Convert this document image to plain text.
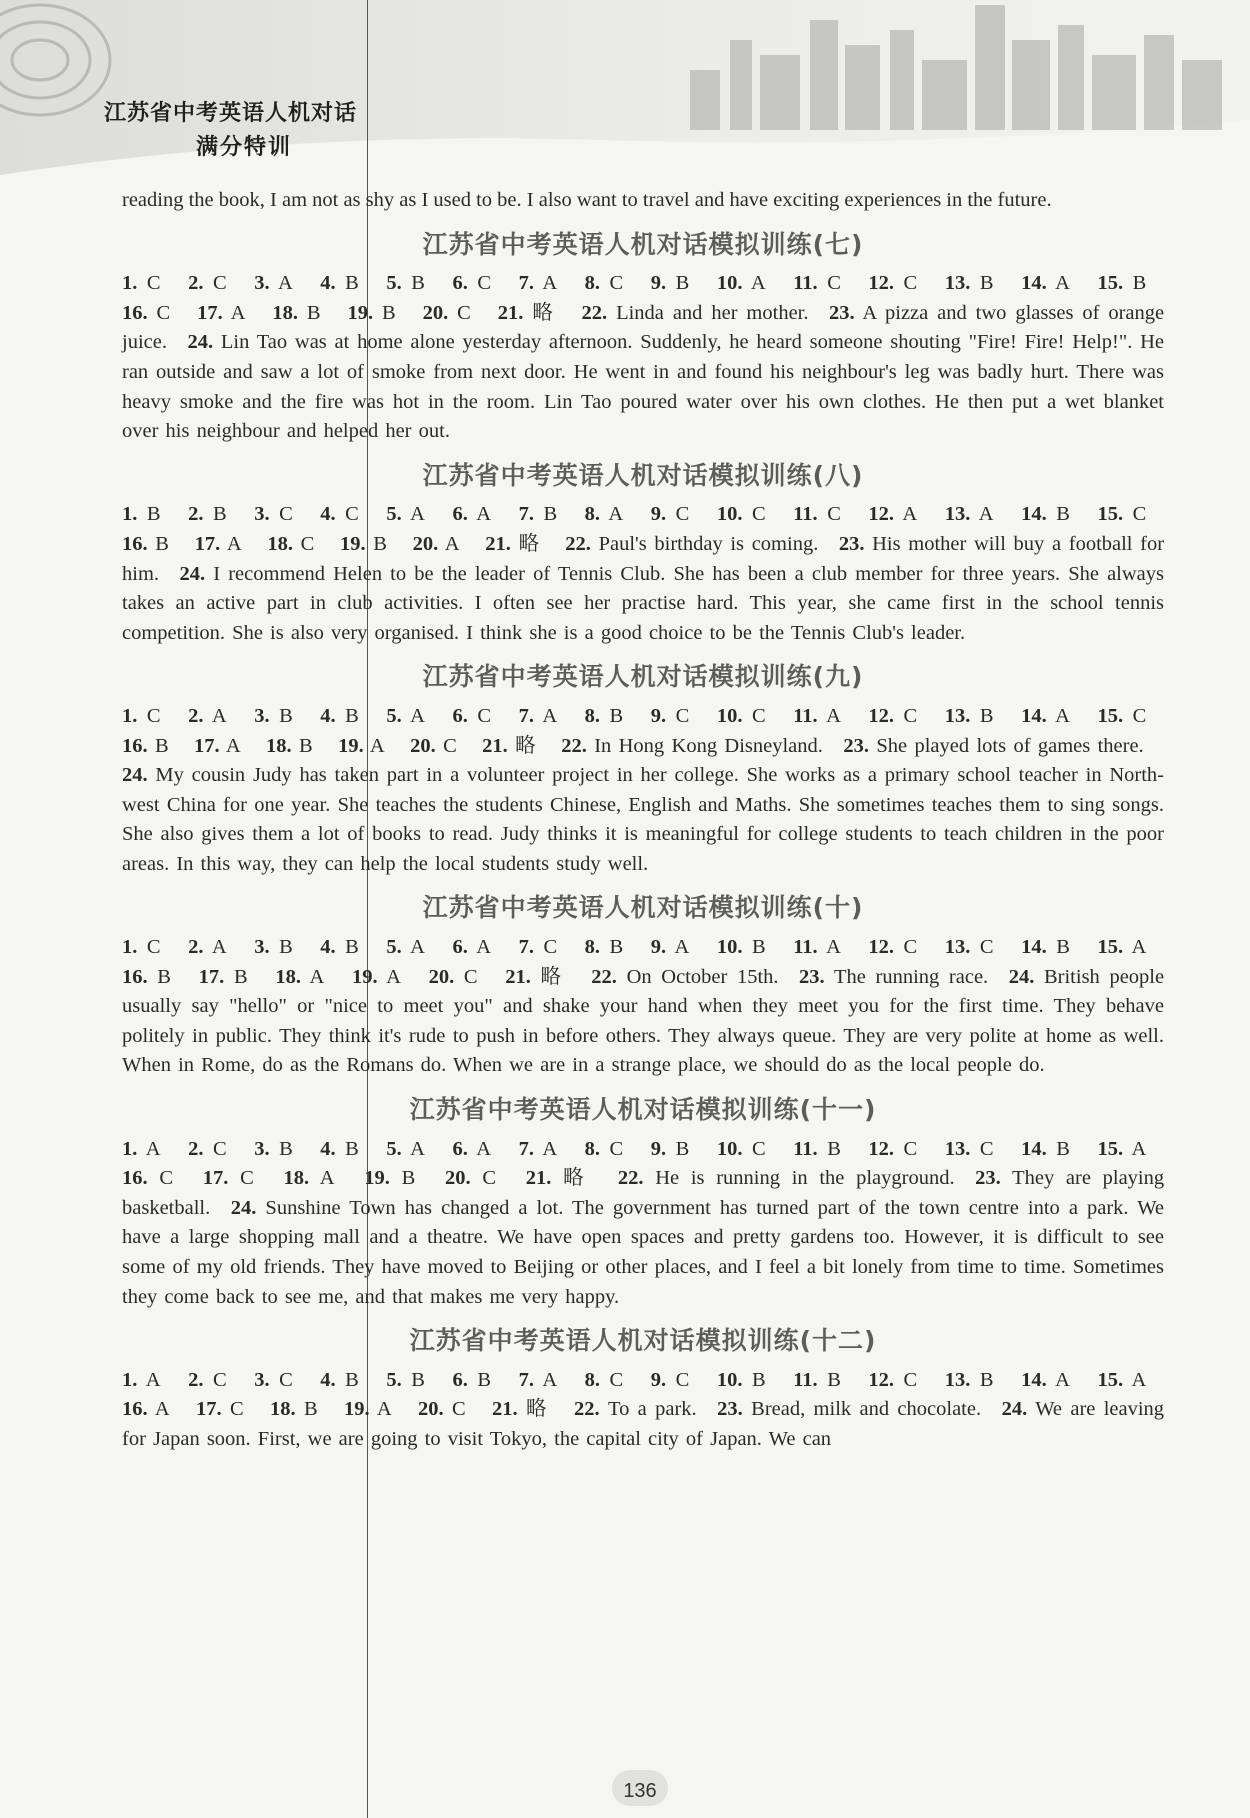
江苏省中考英语人机对话
满分特训

reading the book, I am not as shy as I used to be. I also want to travel and have exciting experiences in the future.

江苏省中考英语人机对话模拟训练(七)

1. C 2. C 3. A 4. B 5. B 6. C 7. A 8. C 9. B 10. A 11. C 12. C 13. B 14. A 15. B 16. C 17. A 18. B 19. B 20. C 21. 略 22. Linda and her mother.  23. A pizza and two glasses of orange juice.  24. Lin Tao was at home alone yesterday afternoon. Suddenly, he heard someone shouting "Fire! Fire! Help!". He ran outside and saw a lot of smoke from next door. He went in and found his neighbour's leg was badly hurt. There was heavy smoke and the fire was hot in the room. Lin Tao poured water over his own clothes. He then put a wet blanket over his neighbour and helped her out. 

江苏省中考英语人机对话模拟训练(八)

1. B 2. B 3. C 4. C 5. A 6. A 7. B 8. A 9. C 10. C 11. C 12. A 13. A 14. B 15. C 16. B 17. A 18. C 19. B 20. A 21. 略 22. Paul's birthday is coming.  23. His mother will buy a football for him.  24. I recommend Helen to be the leader of Tennis Club. She has been a club member for three years. She always takes an active part in club activities. I often see her practise hard. This year, she came first in the school tennis competition. She is also very organised. I think she is a good choice to be the Tennis Club's leader. 

江苏省中考英语人机对话模拟训练(九)

1. C 2. A 3. B 4. B 5. A 6. C 7. A 8. B 9. C 10. C 11. A 12. C 13. B 14. A 15. C 16. B 17. A 18. B 19. A 20. C 21. 略 22. In Hong Kong Disneyland.  23. She played lots of games there. 24. My cousin Judy has taken part in a volunteer project in her college. She works as a primary school teacher in North-west China for one year. She teaches the students Chinese, English and Maths. She sometimes teaches them to sing songs. She also gives them a lot of books to read. Judy thinks it is meaningful for college students to teach children in the poor areas. In this way, they can help the local students study well. 

江苏省中考英语人机对话模拟训练(十)

1. C 2. A 3. B 4. B 5. A 6. A 7. C 8. B 9. A 10. B 11. A 12. C 13. C 14. B 15. A 16. B 17. B 18. A 19. A 20. C 21. 略 22. On October 15th.  23. The running race.  24. British people usually say "hello" or "nice to meet you" and shake your hand when they meet you for the first time. They behave politely in public. They think it's rude to push in before others. They always queue. They are very polite at home as well. When in Rome, do as the Romans do. When we are in a strange place, we should do as the local people do. 

江苏省中考英语人机对话模拟训练(十一)

1. A 2. C 3. B 4. B 5. A 6. A 7. A 8. C 9. B 10. C 11. B 12. C 13. C 14. B 15. A 16. C 17. C 18. A 19. B 20. C 21. 略 22. He is running in the playground.  23. They are playing basketball.  24. Sunshine Town has changed a lot. The government has turned part of the town centre into a park. We have a large shopping mall and a theatre. We have open spaces and pretty gardens too. However, it is difficult to see some of my old friends. They have moved to Beijing or other places, and I feel a bit lonely from time to time. Sometimes they come back to see me, and that makes me very happy. 

江苏省中考英语人机对话模拟训练(十二)

1. A 2. C 3. C 4. B 5. B 6. B 7. A 8. C 9. C 10. B 11. B 12. C 13. B 14. A 15. A 16. A 17. C 18. B 19. A 20. C 21. 略 22. To a park.  23. Bread, milk and chocolate.  24. We are leaving for Japan soon. First, we are going to visit Tokyo, the capital city of Japan. We can 

136
